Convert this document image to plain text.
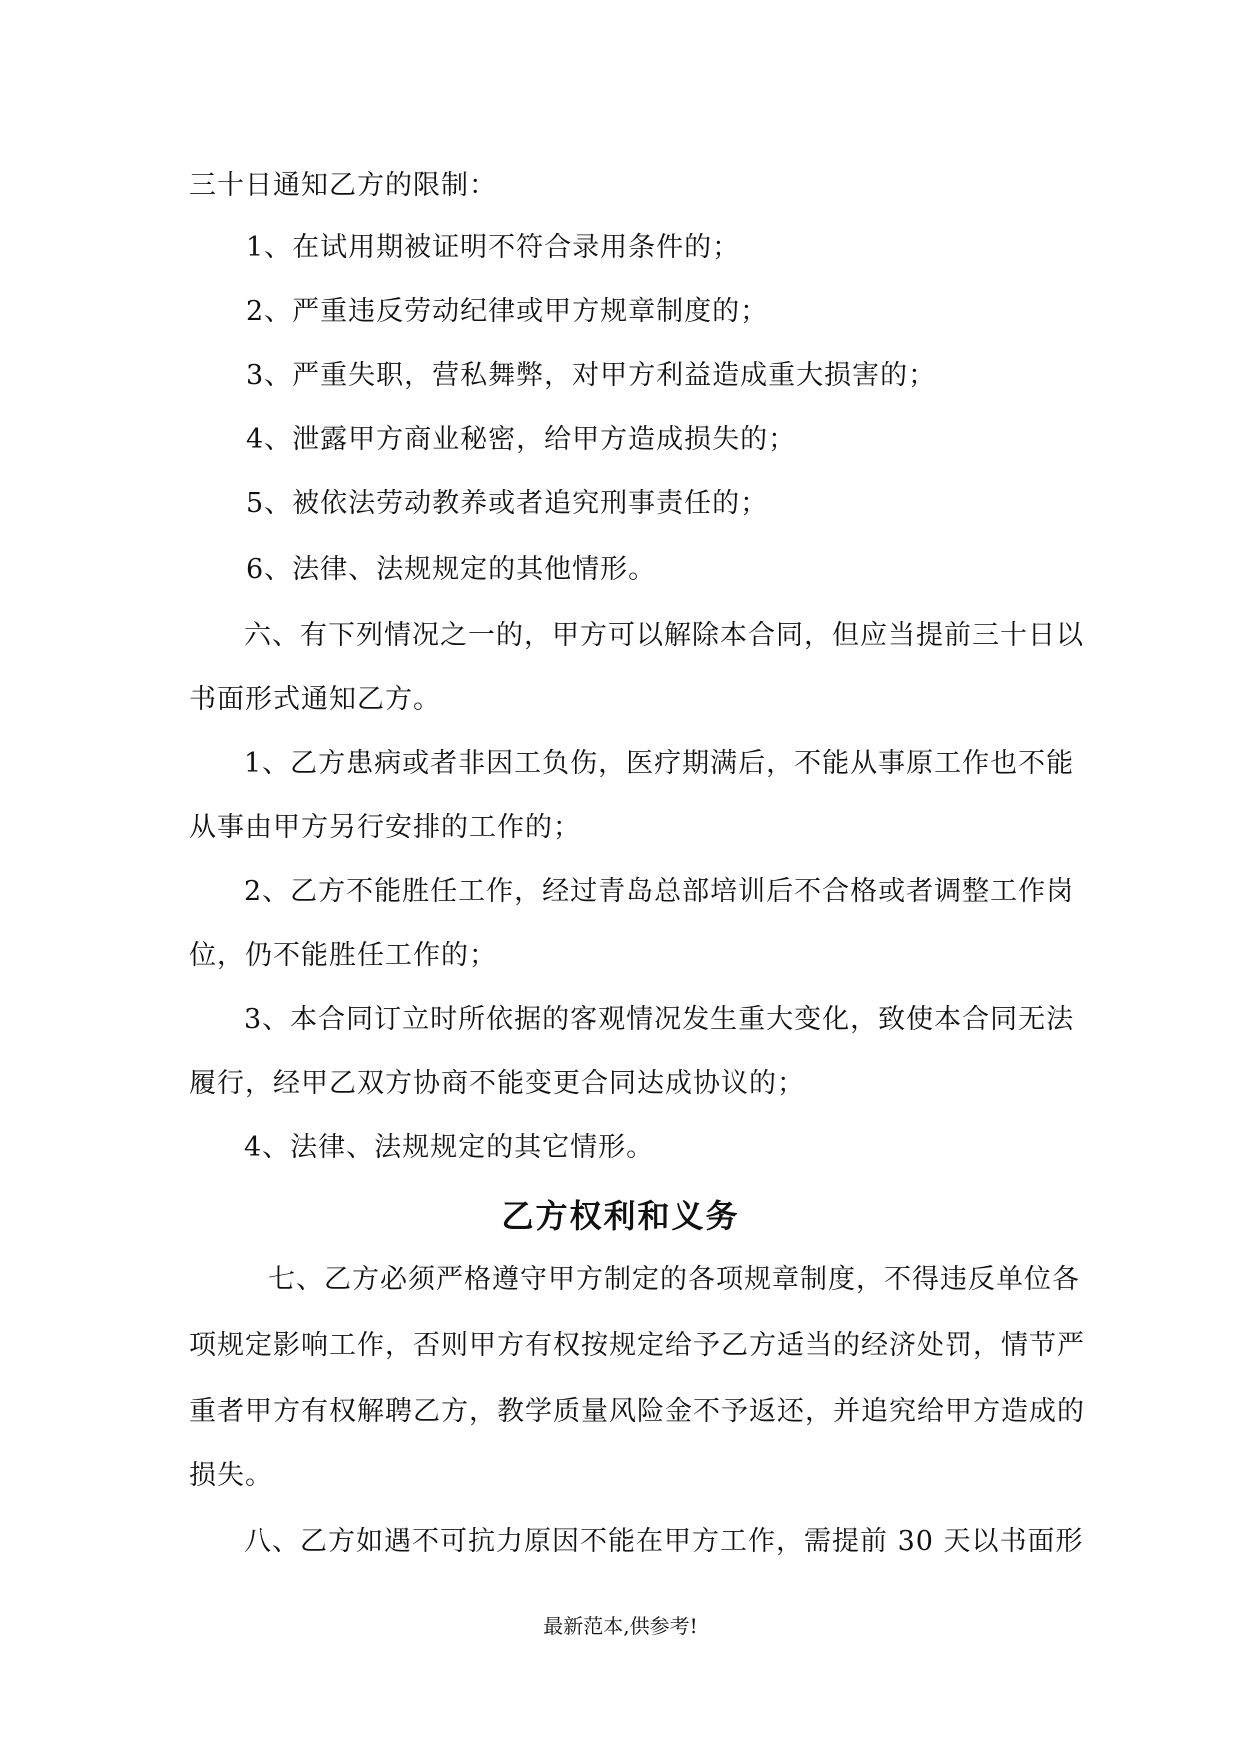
三十日通知乙方的限制：
1、在试用期被证明不符合录用条件的；
2、严重违反劳动纪律或甲方规章制度的；
3、严重失职，营私舞弊，对甲方利益造成重大损害的；
4、泄露甲方商业秘密，给甲方造成损失的；
5、被依法劳动教养或者追究刑事责任的；
6、法律、法规规定的其他情形。
六、有下列情况之一的，甲方可以解除本合同，但应当提前三十日以
书面形式通知乙方。
1、乙方患病或者非因工负伤，医疗期满后，不能从事原工作也不能
从事由甲方另行安排的工作的；
2、乙方不能胜任工作，经过青岛总部培训后不合格或者调整工作岗
位，仍不能胜任工作的；
3、本合同订立时所依据的客观情况发生重大变化，致使本合同无法
履行，经甲乙双方协商不能变更合同达成协议的；
4、法律、法规规定的其它情形。
乙方权利和义务
七、乙方必须严格遵守甲方制定的各项规章制度，不得违反单位各
项规定影响工作，否则甲方有权按规定给予乙方适当的经济处罚，情节严
重者甲方有权解聘乙方，教学质量风险金不予返还，并追究给甲方造成的
损失。
八、乙方如遇不可抗力原因不能在甲方工作，需提前 30 天以书面形
最新范本,供参考!
